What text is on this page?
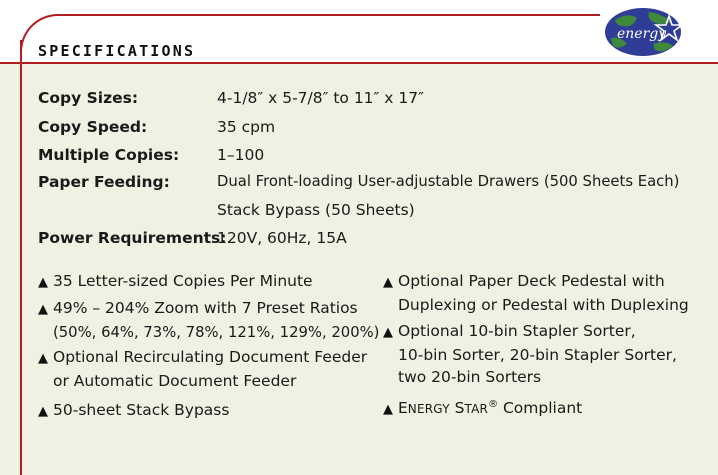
SPECIFICATIONS
energy
Copy Sizes:	4-1/8″ x 5-7/8″ to 11″ x 17″
Copy Speed:	35 cpm
Multiple Copies: 1–100
Paper Feeding:	Dual Front-loading User-adjustable Drawers (500 Sheets Each)
Stack Bypass (50 Sheets)
Power Requirements:
120V, 60Hz, 15A
▲ 35 Letter-sized Copies Per Minute
▲ 49% – 204% Zoom with 7 Preset Ratios
(50%, 64%, 73%, 78%, 121%, 129%, 200%)
▲ Optional Recirculating Document Feeder
or Automatic Document Feeder
▲ 50-sheet Stack Bypass
▲ Optional Paper Deck Pedestal with
Duplexing or Pedestal with Duplexing
▲ Optional 10-bin Stapler Sorter,
10-bin Sorter, 20-bin Stapler Sorter,
two 20-bin Sorters
▲ ENERGY STAR® Compliant
